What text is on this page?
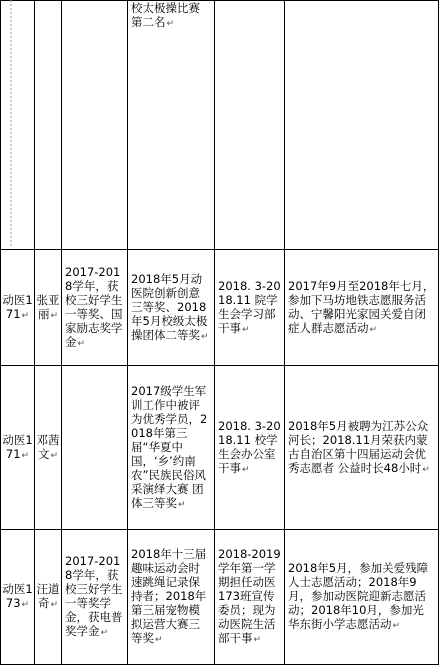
			校太极操比赛第二名↵		
动医171↵	张亚丽↵	2017-2018学年，获校三好学生一等奖、国家励志奖学金↵	2018年5月动医院创新创意三等奖、2018年5月校级太极操团体二等奖↵	2018. 3-2018.11 院学生会学习部干事↵	2017年9月至2018年七月，参加下马坊地铁志愿服务活动、宁馨阳光家园关爱自闭症人群志愿活动↵
动医171↵	邓茜文↵		2017级学生军训工作中被评为优秀学员，2018年第三届“华夏中国，‘乡’约南农”民族民俗风采演绎大赛 团体三等奖↵	2018. 3-2018.11 校学生会办公室干事↵	2018年5月被聘为江苏公众河长；2018.11月荣获内蒙古自治区第十四届运动会优秀志愿者 公益时长48小时↵
动医173↵	汪道奇↵	2017-2018学年，获校三好学生一等奖学金，获电普奖学金↵	2018年十三届趣味运动会时速跳绳记录保持者；2018年第三届宠物模拟运营大赛三等奖↵	2018-2019学年第一学期担任动医173班宣传委员；现为动医院生活部干事↵	2018年5月，参加关爱残障人士志愿活动；2018年9月，参加动医院迎新志愿活动；2018年10月，参加光华东街小学志愿活动↵
